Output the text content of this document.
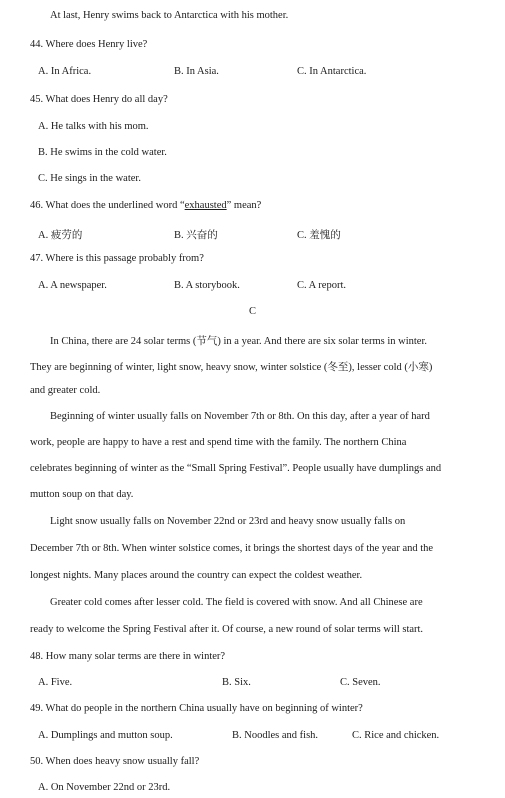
At last, Henry swims back to Antarctica with his mother.
44. Where does Henry live?
A. In Africa.	B. In Asia.	C. In Antarctica.
45. What does Henry do all day?
A. He talks with his mom.
B. He swims in the cold water.
C. He sings in the water.
46. What does the underlined word “exhausted” mean?
A. 疲劳的	B. 兴奋的	C. 羞愧的
47. Where is this passage probably from?
A. A newspaper.	B. A storybook.	C. A report.
C
In China, there are 24 solar terms (节气) in a year. And there are six solar terms in winter.
They are beginning of winter, light snow, heavy snow, winter solstice (冬至), lesser cold (小寒)
and greater cold.
Beginning of winter usually falls on November 7th or 8th. On this day, after a year of hard
work, people are happy to have a rest and spend time with the family. The northern China
celebrates beginning of winter as the “Small Spring Festival”. People usually have dumplings and
mutton soup on that day.
Light snow usually falls on November 22nd or 23rd and heavy snow usually falls on
December 7th or 8th. When winter solstice comes, it brings the shortest days of the year and the
longest nights. Many places around the country can expect the coldest weather.
Greater cold comes after lesser cold. The field is covered with snow. And all Chinese are
ready to welcome the Spring Festival after it. Of course, a new round of solar terms will start.
48. How many solar terms are there in winter?
A. Five.	B. Six.	C. Seven.
49. What do people in the northern China usually have on beginning of winter?
A. Dumplings and mutton soup.	B. Noodles and fish.	C. Rice and chicken.
50. When does heavy snow usually fall?
A. On November 22nd or 23rd.
